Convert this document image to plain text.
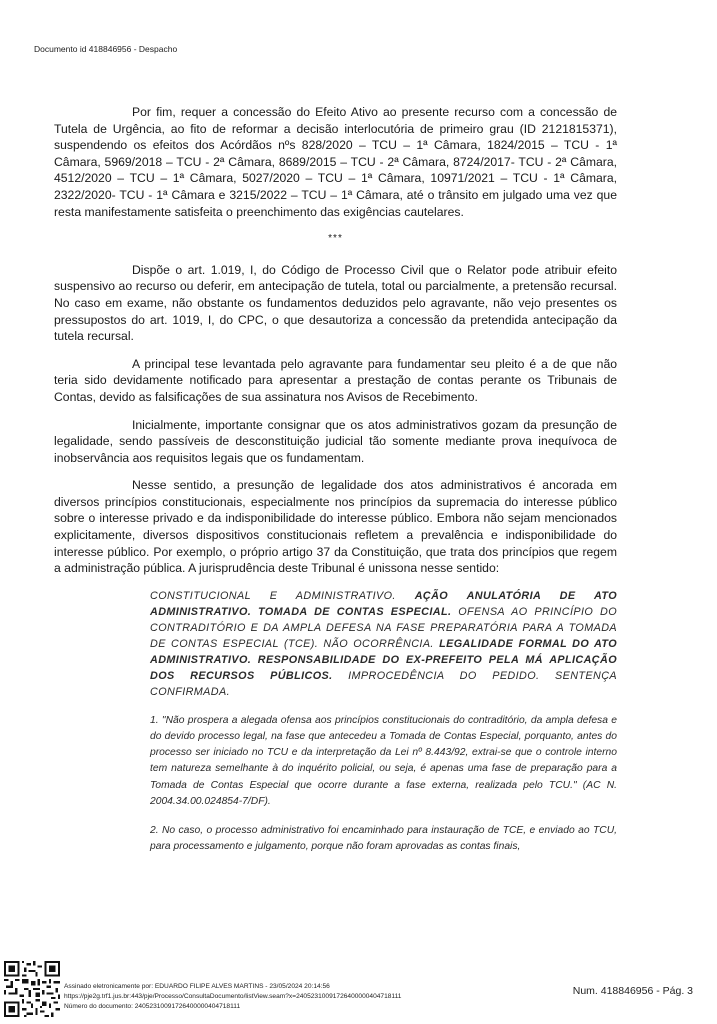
Documento id 418846956 - Despacho

Por fim, requer a concessão do Efeito Ativo ao presente recurso com a concessão de Tutela de Urgência, ao fito de reformar a decisão interlocutória de primeiro grau (ID 2121815371), suspendendo os efeitos dos Acórdãos nºs 828/2020 – TCU – 1ª Câmara, 1824/2015 – TCU - 1ª Câmara, 5969/2018 – TCU - 2ª Câmara, 8689/2015 – TCU - 2ª Câmara, 8724/2017- TCU - 2ª Câmara, 4512/2020 – TCU – 1ª Câmara, 5027/2020 – TCU – 1ª Câmara, 10971/2021 – TCU - 1ª Câmara, 2322/2020- TCU - 1ª Câmara e 3215/2022 – TCU – 1ª Câmara, até o trânsito em julgado uma vez que resta manifestamente satisfeita o preenchimento das exigências cautelares.

***

Dispõe o art. 1.019, I, do Código de Processo Civil que o Relator pode atribuir efeito suspensivo ao recurso ou deferir, em antecipação de tutela, total ou parcialmente, a pretensão recursal. No caso em exame, não obstante os fundamentos deduzidos pelo agravante, não vejo presentes os pressupostos do art. 1019, I, do CPC, o que desautoriza a concessão da pretendida antecipação da tutela recursal.

A principal tese levantada pelo agravante para fundamentar seu pleito é a de que não teria sido devidamente notificado para apresentar a prestação de contas perante os Tribunais de Contas, devido as falsificações de sua assinatura nos Avisos de Recebimento.

Inicialmente, importante consignar que os atos administrativos gozam da presunção de legalidade, sendo passíveis de desconstituição judicial tão somente mediante prova inequívoca de inobservância aos requisitos legais que os fundamentam.

Nesse sentido, a presunção de legalidade dos atos administrativos é ancorada em diversos princípios constitucionais, especialmente nos princípios da supremacia do interesse público sobre o interesse privado e da indisponibilidade do interesse público. Embora não sejam mencionados explicitamente, diversos dispositivos constitucionais refletem a prevalência e indisponibilidade do interesse público. Por exemplo, o próprio artigo 37 da Constituição, que trata dos princípios que regem a administração pública. A jurisprudência deste Tribunal é unissona nesse sentido:

CONSTITUCIONAL E ADMINISTRATIVO. AÇÃO ANULATÓRIA DE ATO ADMINISTRATIVO. TOMADA DE CONTAS ESPECIAL. OFENSA AO PRINCÍPIO DO CONTRADITÓRIO E DA AMPLA DEFESA NA FASE PREPARATÓRIA PARA A TOMADA DE CONTAS ESPECIAL (TCE). NÃO OCORRÊNCIA. LEGALIDADE FORMAL DO ATO ADMINISTRATIVO. RESPONSABILIDADE DO EX-PREFEITO PELA MÁ APLICAÇÃO DOS RECURSOS PÚBLICOS. IMPROCEDÊNCIA DO PEDIDO. SENTENÇA CONFIRMADA.

1. "Não prospera a alegada ofensa aos princípios constitucionais do contraditório, da ampla defesa e do devido processo legal, na fase que antecedeu a Tomada de Contas Especial, porquanto, antes do processo ser iniciado no TCU e da interpretação da Lei nº 8.443/92, extrai-se que o controle interno tem natureza semelhante à do inquérito policial, ou seja, é apenas uma fase de preparação para a Tomada de Contas Especial que ocorre durante a fase externa, realizada pelo TCU." (AC N. 2004.34.00.024854-7/DF).

2. No caso, o processo administrativo foi encaminhado para instauração de TCE, e enviado ao TCU, para processamento e julgamento, porque não foram aprovadas as contas finais,

Assinado eletronicamente por: EDUARDO FILIPE ALVES MARTINS - 23/05/2024 20:14:56
https://pje2g.trf1.jus.br:443/pje/Processo/ConsultaDocumento/listView.seam?x=24052310091726400000404718111
Número do documento: 24052310091726400000404718111
Num. 418846956 - Pág. 3
